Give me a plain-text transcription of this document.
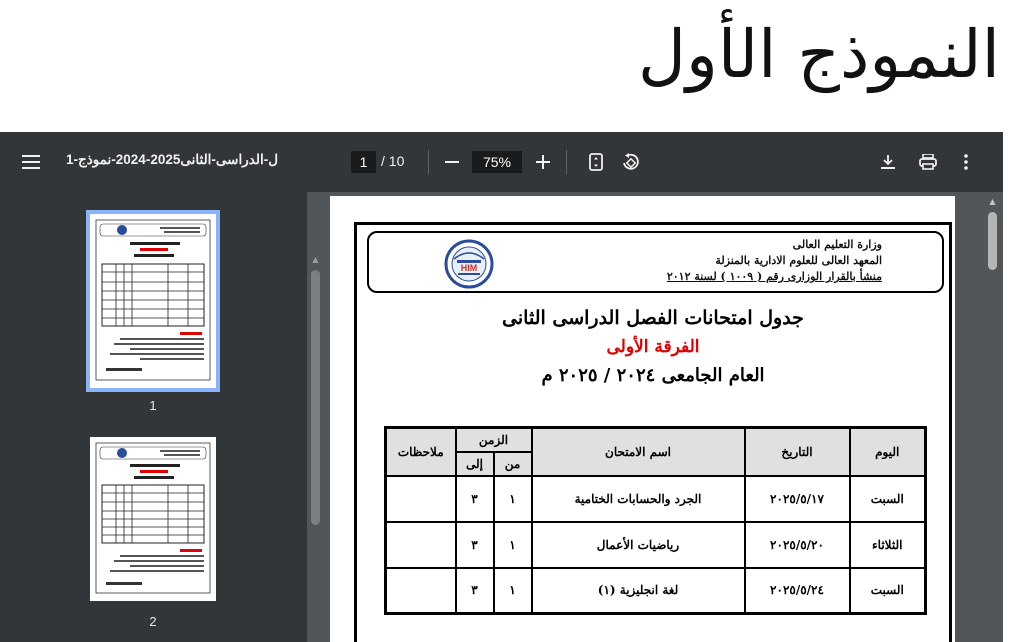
النموذج الأول
ل-الدراسى-الثانى2025-2024-نموذج-1	1 / 10	75%
1
2
▲
وزارة التعليم العالى
المعهد العالى للعلوم الادارية بالمنزلة
منشأ بالقرار الوزارى رقم ( ١٠٠٩ ) لسنة ٢٠١٢
HIM
جدول امتحانات الفصل الدراسى الثانى
الفرقة الأولى
العام الجامعى ٢٠٢٤ / ٢٠٢٥ م
اليوم	التاريخ	اسم الامتحان	الزمن		ملاحظات
			من	إلى	
السبت	٢٠٢٥/٥/١٧	الجرد والحسابات الختامية	١	٣	
الثلاثاء	٢٠٢٥/٥/٢٠	رياضيات الأعمال	١	٣	
السبت	٢٠٢٥/٥/٢٤	لغة انجليزية (١)	١	٣	
▲
